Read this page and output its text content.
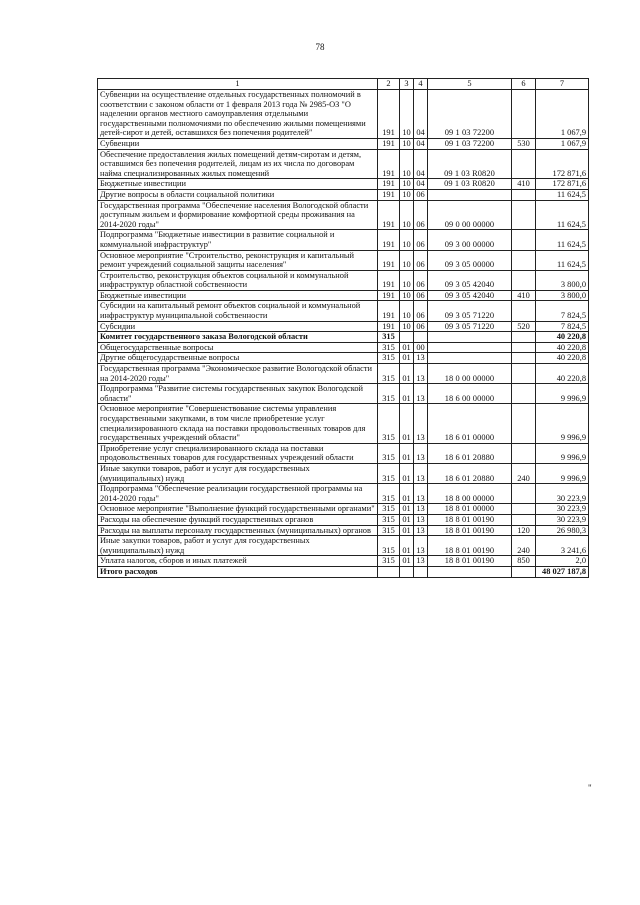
78
1	2	3	4	5	6	7
Субвенции на осуществление отдельных государственных полномочий в соответствии с законом области от 1 февраля 2013 года № 2985-ОЗ "О наделении органов местного самоуправления отдельными государственными полномочиями по обеспечению жилыми помещениями детей-сирот и детей, оставшихся без попечения родителей"	191	10	04	09 1 03 72200		1 067,9
Субвенции	191	10	04	09 1 03 72200	530	1 067,9
Обеспечение предоставления жилых помещений детям-сиротам и детям, оставшимся без попечения родителей, лицам из их числа по договорам найма специализированных жилых помещений	191	10	04	09 1 03 R0820		172 871,6
Бюджетные инвестиции	191	10	04	09 1 03 R0820	410	172 871,6
Другие вопросы в области социальной политики	191	10	06			11 624,5
Государственная программа "Обеспечение населения Вологодской области доступным жильем и формирование комфортной среды проживания на 2014-2020 годы"	191	10	06	09 0 00 00000		11 624,5
Подпрограмма "Бюджетные инвестиции в развитие социальной и коммунальной инфраструктур"	191	10	06	09 3 00 00000		11 624,5
Основное мероприятие "Строительство, реконструкция и капитальный ремонт учреждений социальной защиты населения"	191	10	06	09 3 05 00000		11 624,5
Строительство, реконструкция объектов социальной и коммунальной инфраструктур областной собственности	191	10	06	09 3 05 42040		3 800,0
Бюджетные инвестиции	191	10	06	09 3 05 42040	410	3 800,0
Субсидии на капитальный ремонт объектов социальной и коммунальной инфраструктур муниципальной собственности	191	10	06	09 3 05 71220		7 824,5
Субсидии	191	10	06	09 3 05 71220	520	7 824,5
Комитет государственного заказа Вологодской области	315					40 220,8
Общегосударственные вопросы	315	01	00			40 220,8
Другие общегосударственные вопросы	315	01	13			40 220,8
Государственная программа "Экономическое развитие Вологодской области на 2014-2020 годы"	315	01	13	18 0 00 00000		40 220,8
Подпрограмма "Развитие системы государственных закупок Вологодской области"	315	01	13	18 6 00 00000		9 996,9
Основное мероприятие "Совершенствование системы управления государственными закупками, в том числе приобретение услуг специализированного склада на поставки продовольственных товаров для государственных учреждений области"	315	01	13	18 6 01 00000		9 996,9
Приобретение услуг специализированного склада на поставки продовольственных товаров для государственных учреждений области	315	01	13	18 6 01 20880		9 996,9
Иные закупки товаров, работ и услуг для государственных (муниципальных) нужд	315	01	13	18 6 01 20880	240	9 996,9
Подпрограмма "Обеспечение реализации государственной программы на 2014-2020 годы"	315	01	13	18 8 00 00000		30 223,9
Основное мероприятие "Выполнение функций государственными органами"	315	01	13	18 8 01 00000		30 223,9
Расходы на обеспечение функций государственных органов	315	01	13	18 8 01 00190		30 223,9
Расходы на выплаты персоналу государственных (муниципальных) органов	315	01	13	18 8 01 00190	120	26 980,3
Иные закупки товаров, работ и услуг для государственных (муниципальных) нужд	315	01	13	18 8 01 00190	240	3 241,6
Уплата налогов, сборов и иных платежей	315	01	13	18 8 01 00190	850	2,0
Итого расходов						48 027 187,8
"
